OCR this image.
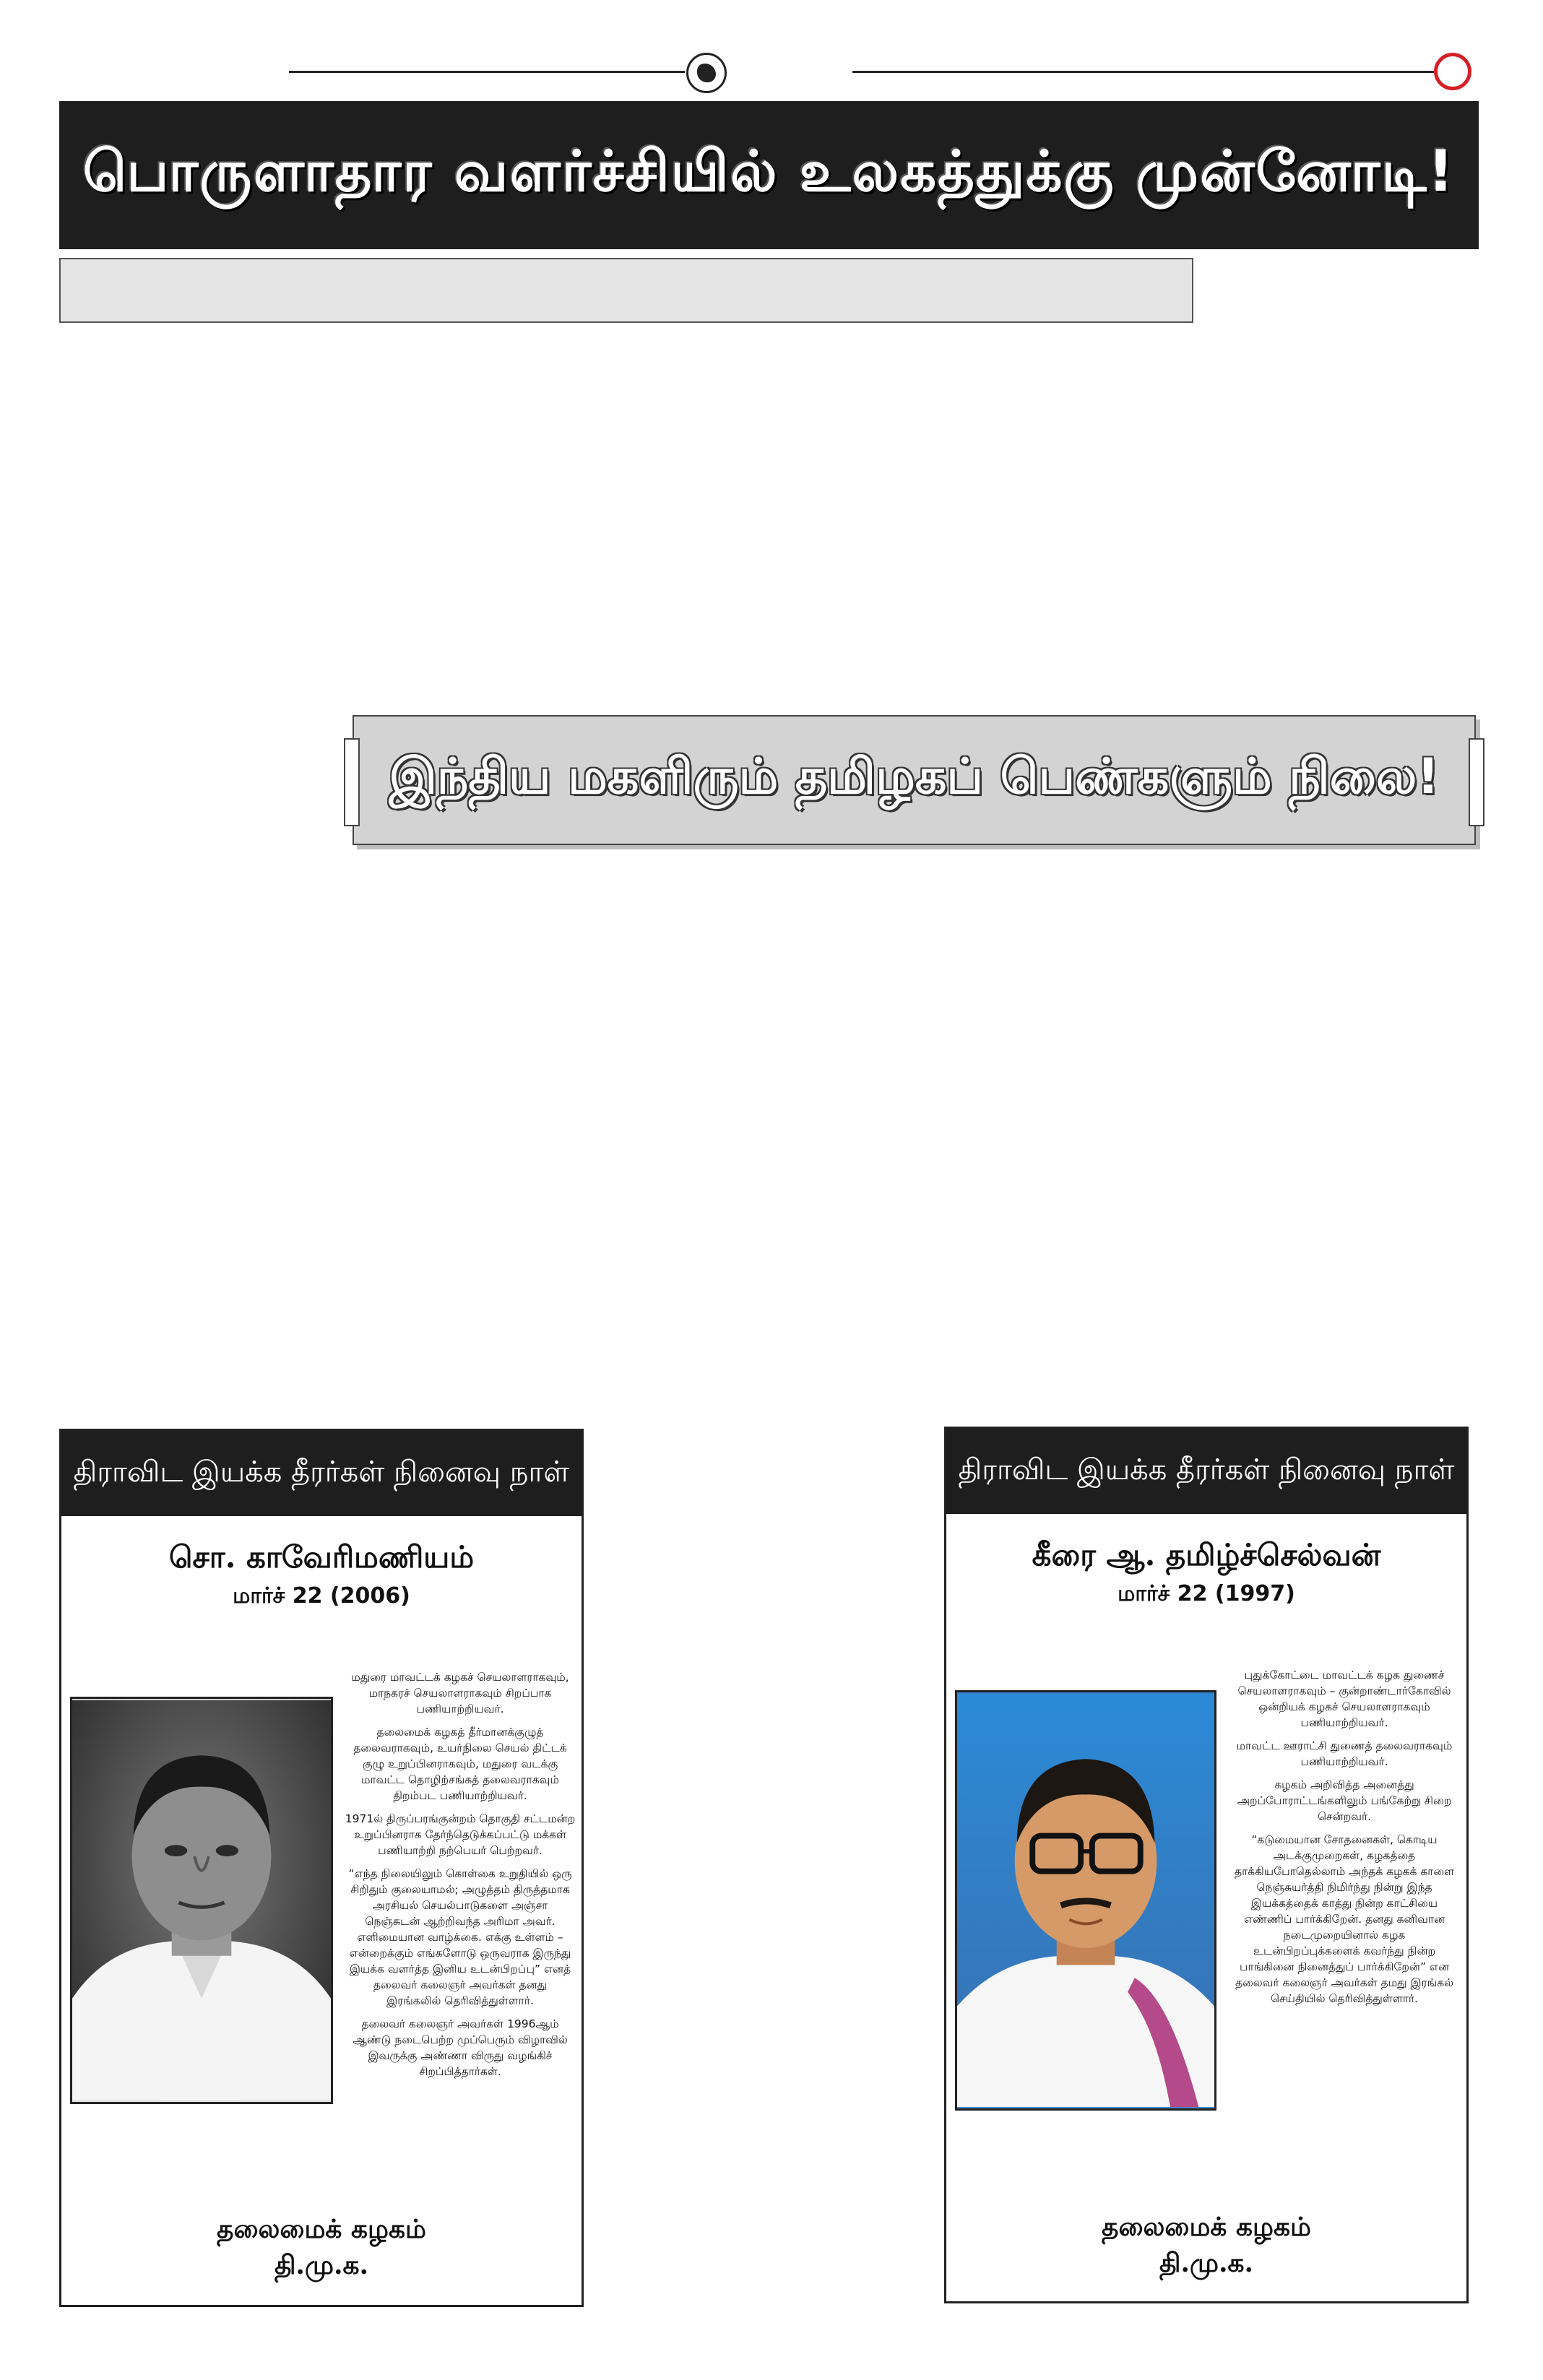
பொருளாதார வளர்ச்சியில் உலகத்துக்கு முன்னோடி!
இந்திய மகளிரும் தமிழகப் பெண்களும் நிலை!
திராவிட இயக்க தீரர்கள் நினைவு நாள்
சொ. காவேரிமணியம்
மார்ச் 22 (2006)

மதுரை மாவட்டக் கழகச் செயலாளராகவும், மாநகரச் செயலாளராகவும் சிறப்பாக பணியாற்றியவர்.

தலைமைக் கழகத் தீர்மானக்குழுத் தலைவராகவும், உயர்நிலை செயல் திட்டக் குழு உறுப்பினராகவும், மதுரை வடக்கு மாவட்ட தொழிற்சங்கத் தலைவராகவும் திறம்பட பணியாற்றியவர்.

1971ல் திருப்பரங்குன்றம் தொகுதி சட்டமன்ற உறுப்பினராக தேர்ந்தெடுக்கப்பட்டு மக்கள் பணியாற்றி நற்பெயர் பெற்றவர்.

“எந்த நிலையிலும் கொள்கை உறுதியில் ஒரு சிறிதும் குலையாமல்; அழுத்தம் திருத்தமாக அரசியல் செயல்பாடுகளை அஞ்சா நெஞ்சுடன் ஆற்றிவந்த அரிமா அவர். எளிமையான வாழ்க்கை. எக்கு உள்ளம் – என்றைக்கும் எங்களோடு ஒருவராக இருந்து இயக்க வளர்த்த இனிய உடன்பிறப்பு” எனத் தலைவர் கலைஞர் அவர்கள் தனது இரங்கலில் தெரிவித்துள்ளார்.

தலைவர் கலைஞர் அவர்கள் 1996ஆம் ஆண்டு நடைபெற்ற முப்பெரும் விழாவில் இவருக்கு அண்ணா விருது வழங்கிச் சிறப்பித்தார்கள்.

தலைமைக் கழகம்
தி.மு.க.
திராவிட இயக்க தீரர்கள் நினைவு நாள்
கீரை ஆ. தமிழ்ச்செல்வன்
மார்ச் 22 (1997)

புதுக்கோட்டை மாவட்டக் கழக துணைச் செயலாளராகவும் – குன்றாண்டார்கோவில் ஒன்றியக் கழகச் செயலாளராகவும் பணியாற்றியவர்.

மாவட்ட ஊராட்சி துணைத் தலைவராகவும் பணியாற்றியவர்.

கழகம் அறிவித்த அனைத்து அறப்போராட்டங்களிலும் பங்கேற்று சிறை சென்றவர்.

“கடுமையான சோதனைகள், கொடிய அடக்குமுறைகள், கழகத்தை தாக்கியபோதெல்லாம் அந்தக் கழகக் காளை நெஞ்சுயர்த்தி நிமிர்ந்து நின்று இந்த இயக்கத்தைக் காத்து நின்ற காட்சியை எண்ணிப் பார்க்கிறேன். தனது கனிவான நடைமுறையினால் கழக உடன்பிறப்புக்களைக் கவர்ந்து நின்ற பாங்கினை நினைத்துப் பார்க்கிறேன்” என தலைவர் கலைஞர் அவர்கள் தமது இரங்கல் செய்தியில் தெரிவித்துள்ளார்.

தலைமைக் கழகம்
தி.மு.க.
